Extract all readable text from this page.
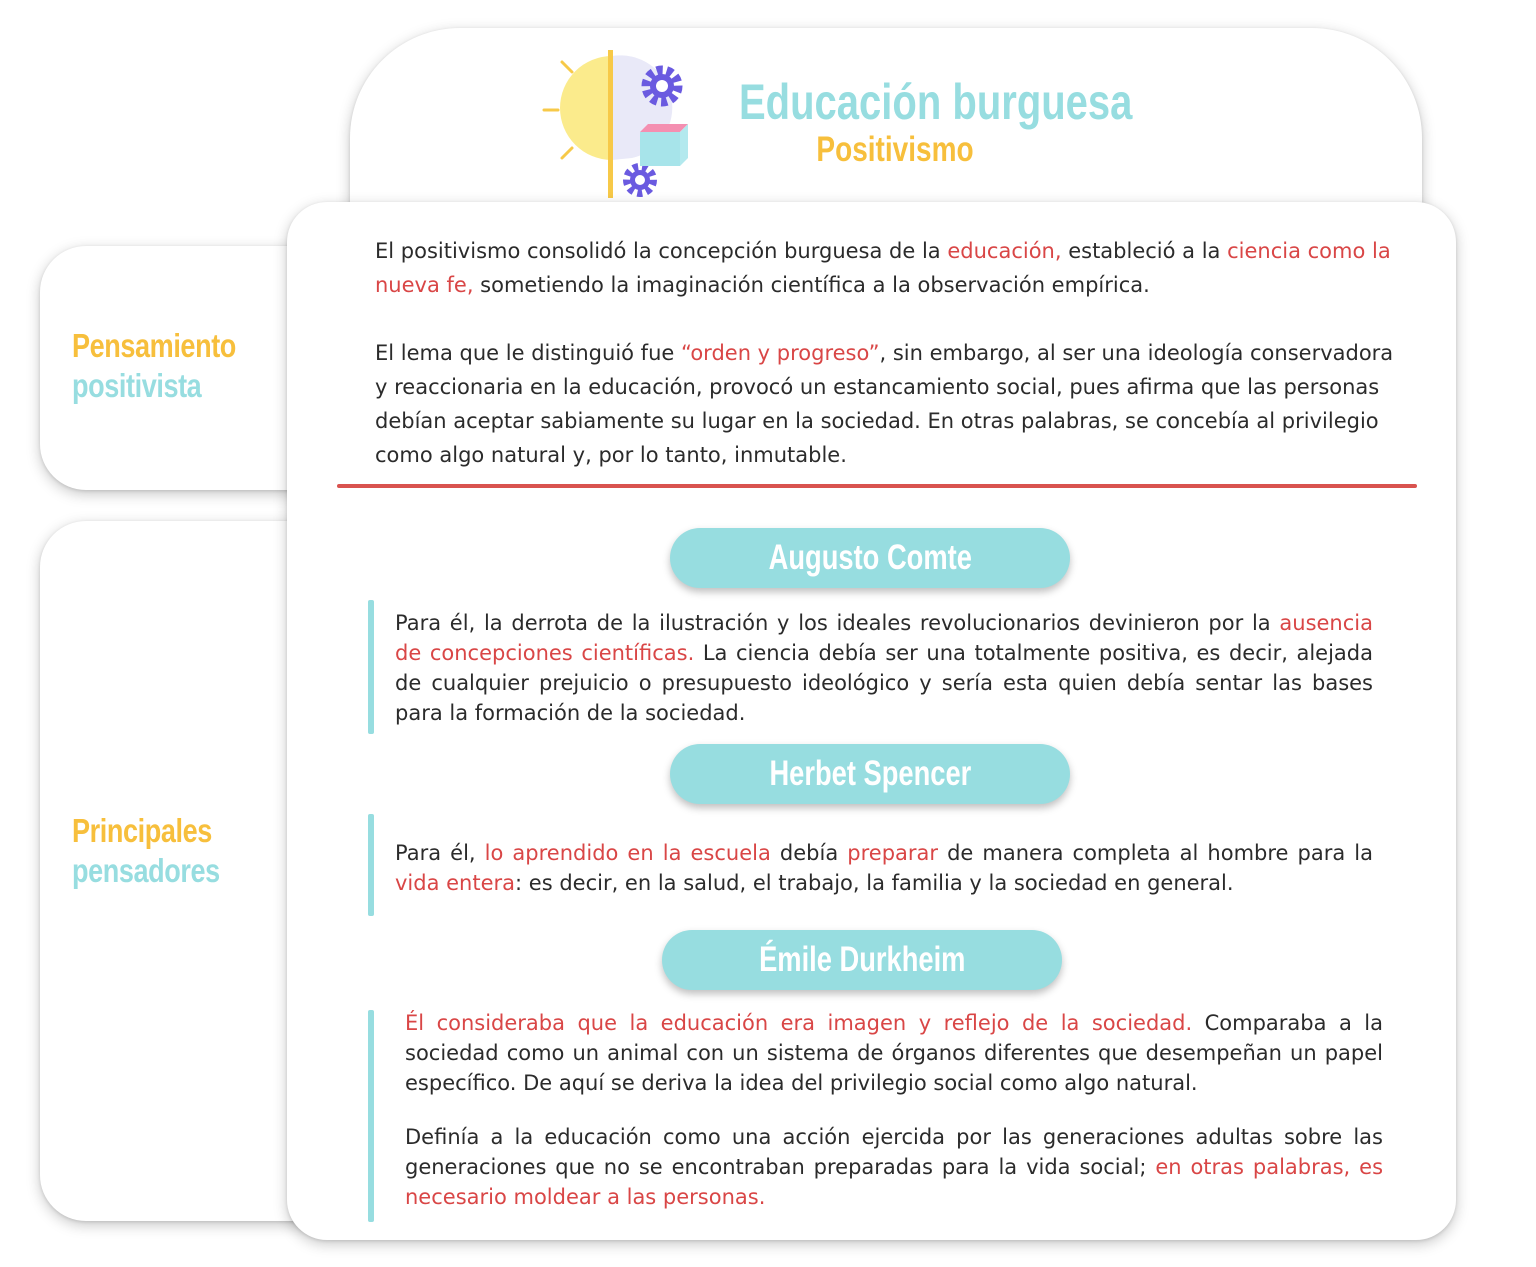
Educación burguesa
Positivismo

Pensamiento
positivista

Principales
pensadores

El positivismo consolidó la concepción burguesa de la educación, estableció a la ciencia como la nueva fe, sometiendo la imaginación científica a la observación empírica.

El lema que le distinguió fue “orden y progreso”, sin embargo, al ser una ideología conservadora y reaccionaria en la educación, provocó un estancamiento social, pues afirma que las personas debían aceptar sabiamente su lugar en la sociedad. En otras palabras, se concebía al privilegio como algo natural y, por lo tanto, inmutable.

Augusto Comte

Para él, la derrota de la ilustración y los ideales revolucionarios devinieron por la ausencia de concepciones científicas. La ciencia debía ser una totalmente positiva, es decir, alejada de cualquier prejuicio o presupuesto ideológico y sería esta quien debía sentar las bases para la formación de la sociedad.

Herbet Spencer

Para él, lo aprendido en la escuela debía preparar de manera completa al hombre para la vida entera: es decir, en la salud, el trabajo, la familia y la sociedad en general.

Émile Durkheim

Él consideraba que la educación era imagen y reflejo de la sociedad. Comparaba a la sociedad como un animal con un sistema de órganos diferentes que desempeñan un papel específico. De aquí se deriva la idea del privilegio social como algo natural.

Definía a la educación como una acción ejercida por las generaciones adultas sobre las generaciones que no se encontraban preparadas para la vida social; en otras palabras, es necesario moldear a las personas.
